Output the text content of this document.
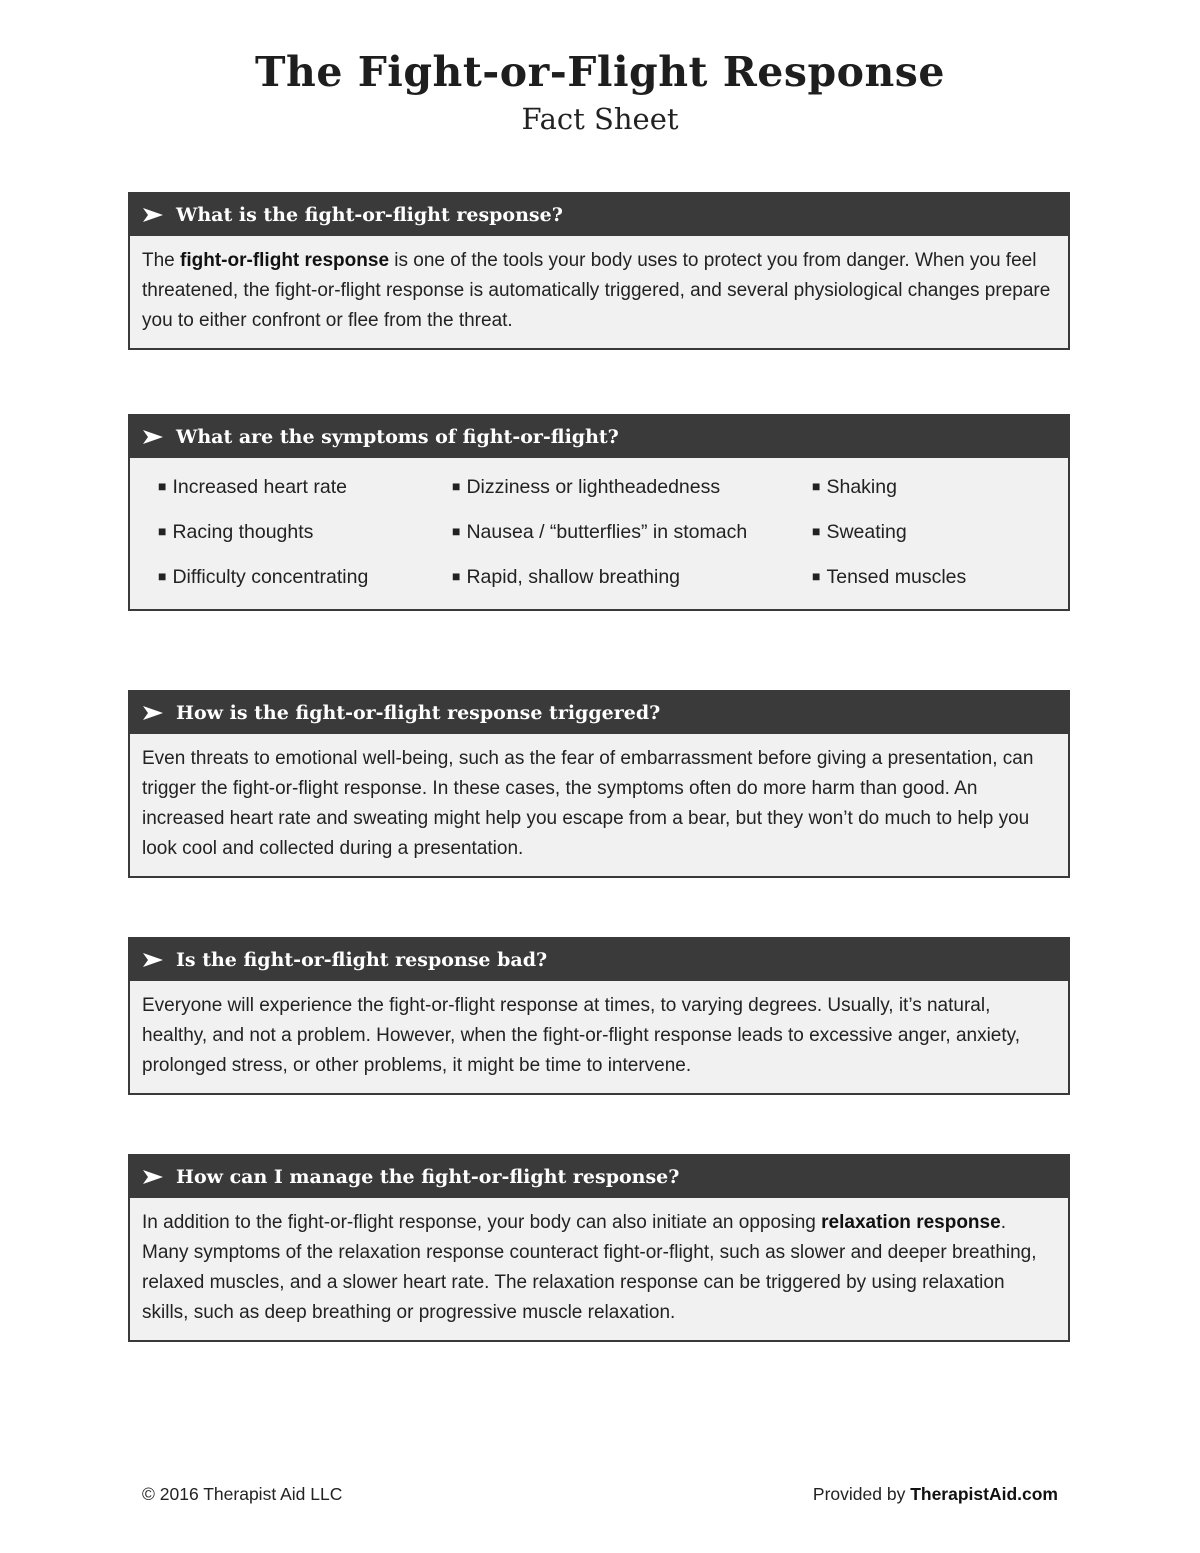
The Fight-or-Flight Response
Fact Sheet
What is the fight-or-flight response?
The fight-or-flight response is one of the tools your body uses to protect you from danger. When you feel threatened, the fight-or-flight response is automatically triggered, and several physiological changes prepare you to either confront or flee from the threat.
What are the symptoms of fight-or-flight?
■ Increased heart rate	■ Dizziness or lightheadedness	■ Shaking
■ Racing thoughts	■ Nausea / “butterflies” in stomach	■ Sweating
■ Difficulty concentrating	■ Rapid, shallow breathing	■ Tensed muscles
How is the fight-or-flight response triggered?
Even threats to emotional well-being, such as the fear of embarrassment before giving a presentation, can trigger the fight-or-flight response. In these cases, the symptoms often do more harm than good. An increased heart rate and sweating might help you escape from a bear, but they won’t do much to help you look cool and collected during a presentation.
Is the fight-or-flight response bad?
Everyone will experience the fight-or-flight response at times, to varying degrees. Usually, it’s natural, healthy, and not a problem. However, when the fight-or-flight response leads to excessive anger, anxiety, prolonged stress, or other problems, it might be time to intervene.
How can I manage the fight-or-flight response?
In addition to the fight-or-flight response, your body can also initiate an opposing relaxation response. Many symptoms of the relaxation response counteract fight-or-flight, such as slower and deeper breathing, relaxed muscles, and a slower heart rate. The relaxation response can be triggered by using relaxation skills, such as deep breathing or progressive muscle relaxation.
© 2016 Therapist Aid LLC	Provided by TherapistAid.com
